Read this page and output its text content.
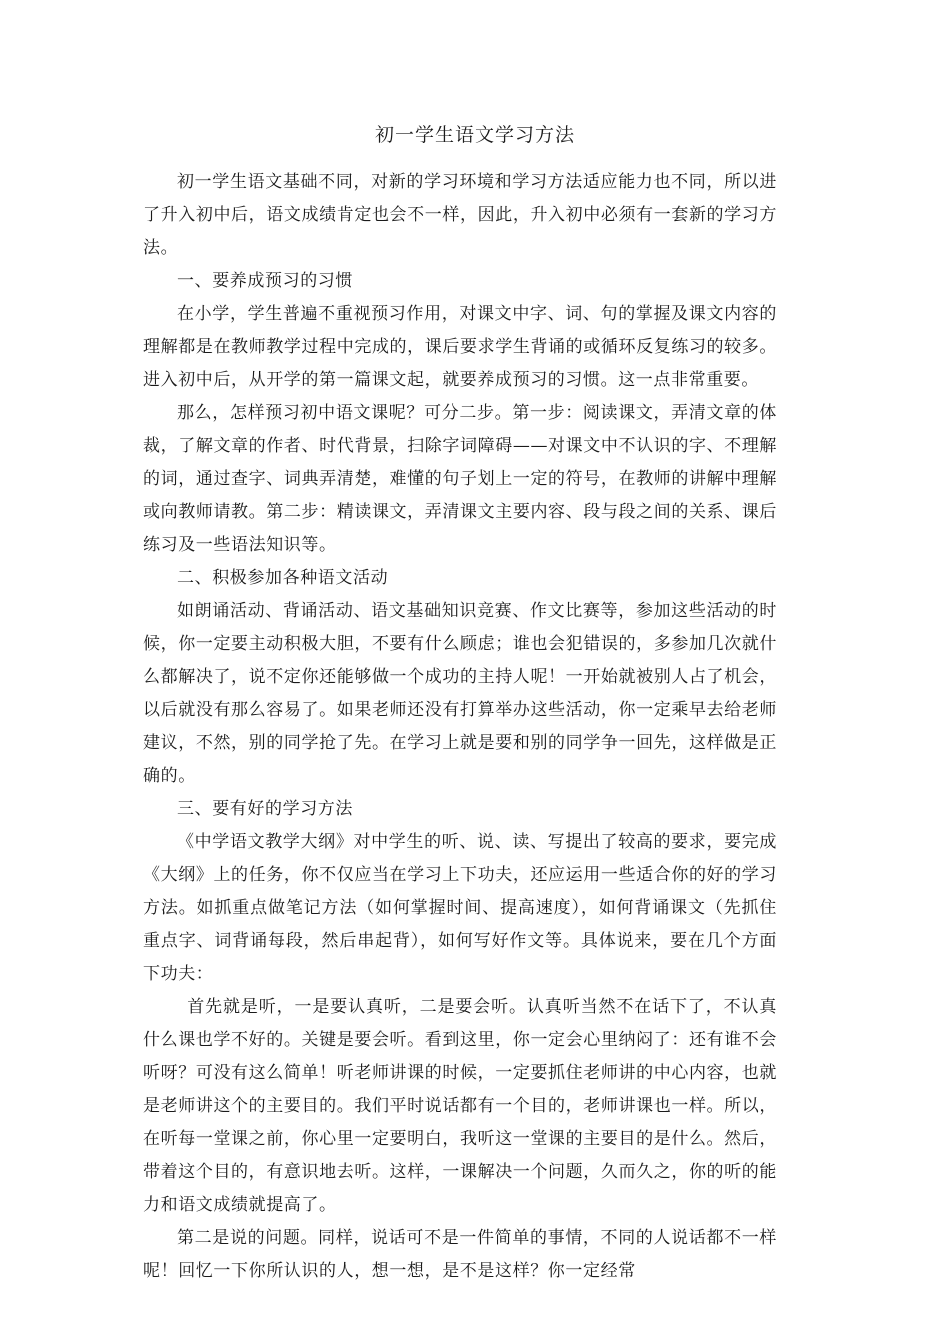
初一学生语文学习方法

初一学生语文基础不同，对新的学习环境和学习方法适应能力也不同，所以进了升入初中后，语文成绩肯定也会不一样，因此，升入初中必须有一套新的学习方法。

一、要养成预习的习惯

在小学，学生普遍不重视预习作用，对课文中字、词、句的掌握及课文内容的理解都是在教师教学过程中完成的，课后要求学生背诵的或循环反复练习的较多。进入初中后，从开学的第一篇课文起，就要养成预习的习惯。这一点非常重要。

那么，怎样预习初中语文课呢？可分二步。第一步：阅读课文，弄清文章的体裁，了解文章的作者、时代背景，扫除字词障碍——对课文中不认识的字、不理解的词，通过查字、词典弄清楚，难懂的句子划上一定的符号，在教师的讲解中理解或向教师请教。第二步：精读课文，弄清课文主要内容、段与段之间的关系、课后练习及一些语法知识等。

二、积极参加各种语文活动

如朗诵活动、背诵活动、语文基础知识竞赛、作文比赛等，参加这些活动的时候，你一定要主动积极大胆，不要有什么顾虑；谁也会犯错误的，多参加几次就什么都解决了，说不定你还能够做一个成功的主持人呢！一开始就被别人占了机会，以后就没有那么容易了。如果老师还没有打算举办这些活动，你一定乘早去给老师建议，不然，别的同学抢了先。在学习上就是要和别的同学争一回先，这样做是正确的。

三、要有好的学习方法

《中学语文教学大纲》对中学生的听、说、读、写提出了较高的要求，要完成《大纲》上的任务，你不仅应当在学习上下功夫，还应运用一些适合你的好的学习方法。如抓重点做笔记方法（如何掌握时间、提高速度），如何背诵课文（先抓住重点字、词背诵每段，然后串起背），如何写好作文等。具体说来，要在几个方面下功夫：

首先就是听，一是要认真听，二是要会听。认真听当然不在话下了，不认真什么课也学不好的。关键是要会听。看到这里，你一定会心里纳闷了：还有谁不会听呀？可没有这么简单！听老师讲课的时候，一定要抓住老师讲的中心内容，也就是老师讲这个的主要目的。我们平时说话都有一个目的，老师讲课也一样。所以，在听每一堂课之前，你心里一定要明白，我听这一堂课的主要目的是什么。然后，带着这个目的，有意识地去听。这样，一课解决一个问题，久而久之，你的听的能力和语文成绩就提高了。

第二是说的问题。同样，说话可不是一件简单的事情，不同的人说话都不一样呢！回忆一下你所认识的人，想一想，是不是这样？你一定经常
